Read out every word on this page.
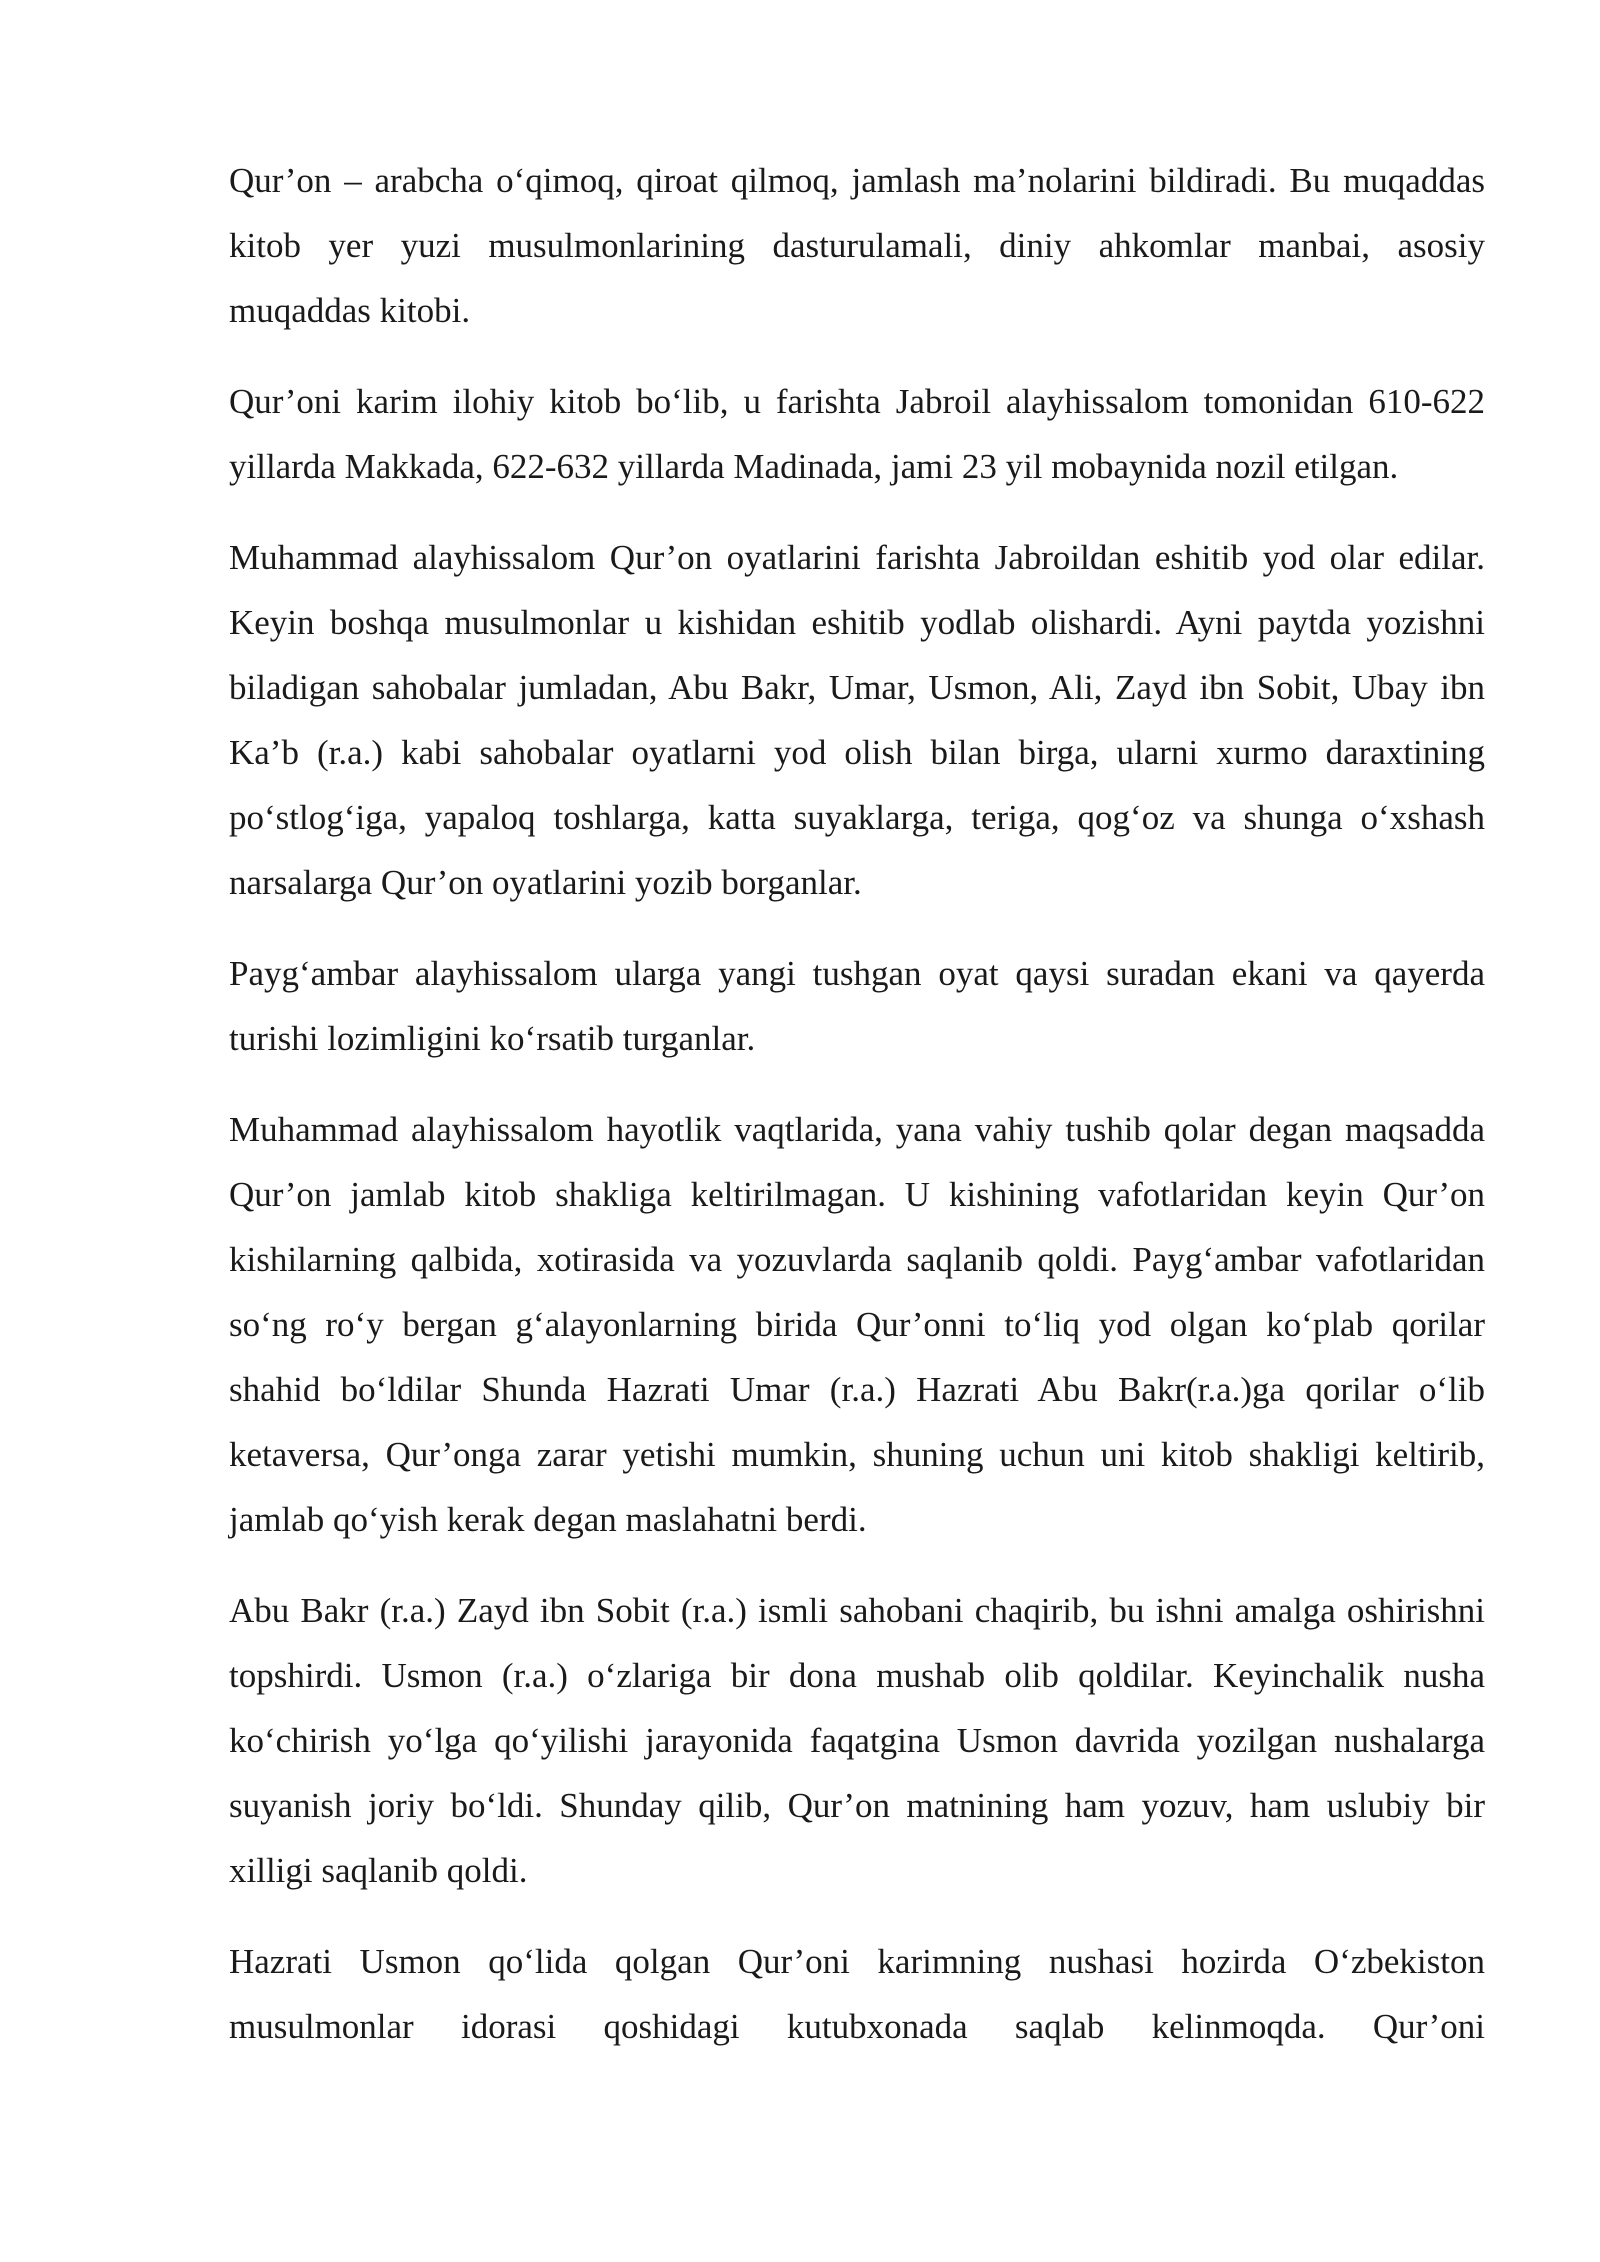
Qur’on – arabcha o‘qimoq, qiroat qilmoq, jamlash ma’nolarini bildiradi. Bu muqaddas kitob yer yuzi musulmonlarining dasturulamali, diniy ahkomlar manbai, asosiy muqaddas kitobi.

Qur’oni karim ilohiy kitob bo‘lib, u farishta Jabroil alayhissalom tomonidan 610-622 yillarda Makkada, 622-632 yillarda Madinada, jami 23 yil mobaynida nozil etilgan.

Muhammad alayhissalom Qur’on oyatlarini farishta Jabroildan eshitib yod olar edilar. Keyin boshqa musulmonlar u kishidan eshitib yodlab olishardi. Ayni paytda yozishni biladigan sahobalar jumladan, Abu Bakr, Umar, Usmon, Ali, Zayd ibn Sobit, Ubay ibn Ka’b (r.a.) kabi sahobalar oyatlarni yod olish bilan birga, ularni xurmo daraxtining po‘stlog‘iga, yapaloq toshlarga, katta suyaklarga, teriga, qog‘oz va shunga o‘xshash narsalarga Qur’on oyatlarini yozib borganlar.

Payg‘ambar alayhissalom ularga yangi tushgan oyat qaysi suradan ekani va qayerda turishi lozimligini ko‘rsatib turganlar.

Muhammad alayhissalom hayotlik vaqtlarida, yana vahiy tushib qolar degan maqsadda Qur’on jamlab kitob shakliga keltirilmagan. U kishining vafotlaridan keyin Qur’on kishilarning qalbida, xotirasida va yozuvlarda saqlanib qoldi. Payg‘ambar vafotlaridan so‘ng ro‘y bergan g‘alayonlarning birida Qur’onni to‘liq yod olgan ko‘plab qorilar shahid bo‘ldilar Shunda Hazrati Umar (r.a.) Hazrati Abu Bakr(r.a.)ga qorilar o‘lib ketaversa, Qur’onga zarar yetishi mumkin, shuning uchun uni kitob shakligi keltirib, jamlab qo‘yish kerak degan maslahatni berdi.

Abu Bakr (r.a.) Zayd ibn Sobit (r.a.) ismli sahobani chaqirib, bu ishni amalga oshirishni topshirdi. Usmon (r.a.) o‘zlariga bir dona mushab olib qoldilar. Keyinchalik nusha ko‘chirish yo‘lga qo‘yilishi jarayonida faqatgina Usmon davrida yozilgan nushalarga suyanish joriy bo‘ldi. Shunday qilib, Qur’on matnining ham yozuv, ham uslubiy bir xilligi saqlanib qoldi.

Hazrati Usmon qo‘lida qolgan Qur’oni karimning nushasi hozirda O‘zbekiston musulmonlar idorasi qoshidagi kutubxonada saqlab kelinmoqda. Qur’oni
